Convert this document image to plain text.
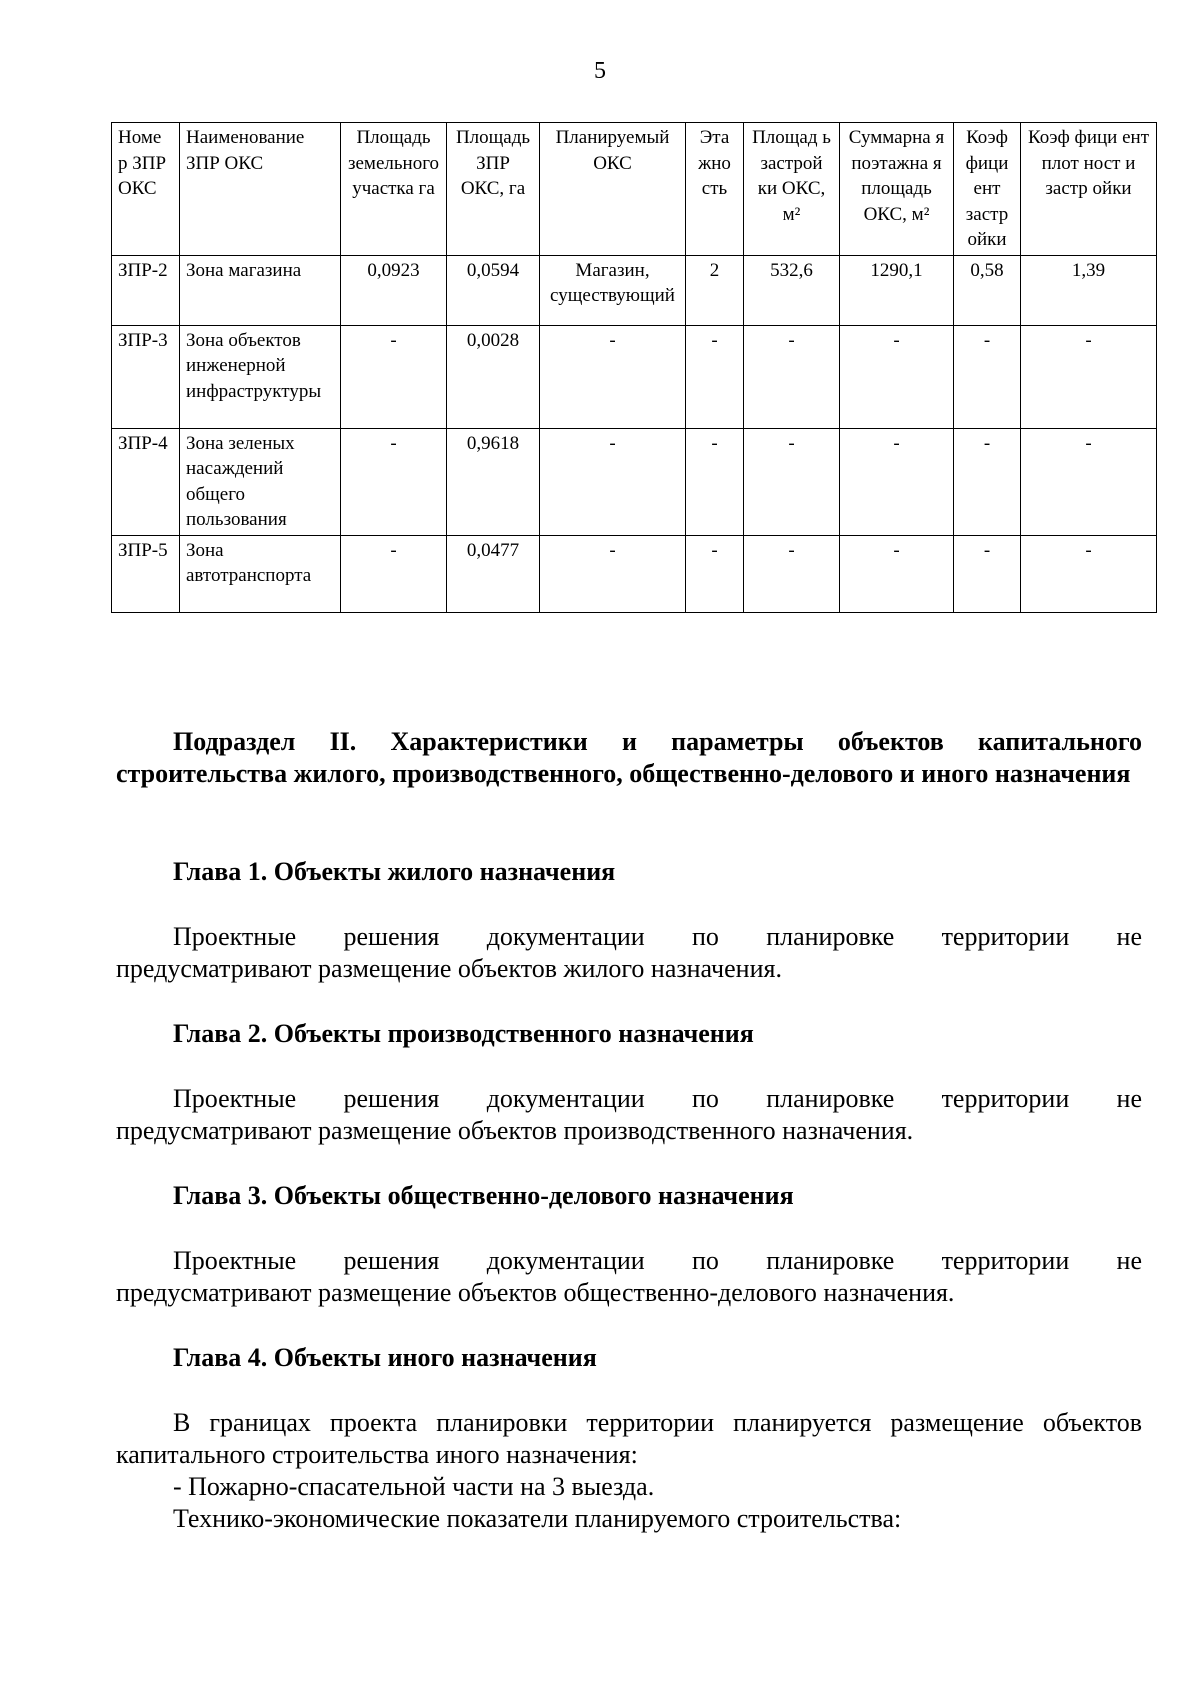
5
Номе р ЗПР ОКС	Наименование ЗПР ОКС	Площадь земельного участка га	Площадь ЗПР ОКС, га	Планируемый ОКС	Эта жно сть	Площад ь застрой ки ОКС, м²	Суммарна я поэтажна я площадь ОКС, м²	Коэф фици ент застр ойки	Коэф фици ент плот ност и застр ойки
ЗПР-2	Зона магазина	0,0923	0,0594	Магазин, существующий	2	532,6	1290,1	0,58	1,39
ЗПР-3	Зона объектов инженерной инфраструктуры	-	0,0028	-	-	-	-	-	-
ЗПР-4	Зона зеленых насаждений общего пользования	-	0,9618	-	-	-	-	-	-
ЗПР-5	Зона автотранспорта	-	0,0477	-	-	-	-	-	-
Подраздел II. Характеристики и параметры объектов капитального строительства жилого, производственного, общественно-делового и иного назначения
Глава 1. Объекты жилого назначения
Проектные решения документации по планировке территории не
предусматривают размещение объектов жилого назначения.
Глава 2. Объекты производственного назначения
Проектные решения документации по планировке территории не
предусматривают размещение объектов производственного назначения.
Глава 3. Объекты общественно-делового назначения
Проектные решения документации по планировке территории не
предусматривают размещение объектов общественно-делового назначения.
Глава 4. Объекты иного назначения
В границах проекта планировки территории планируется размещение объектов
капитального строительства иного назначения:
- Пожарно-спасательной части на 3 выезда.
Технико-экономические показатели планируемого строительства:
